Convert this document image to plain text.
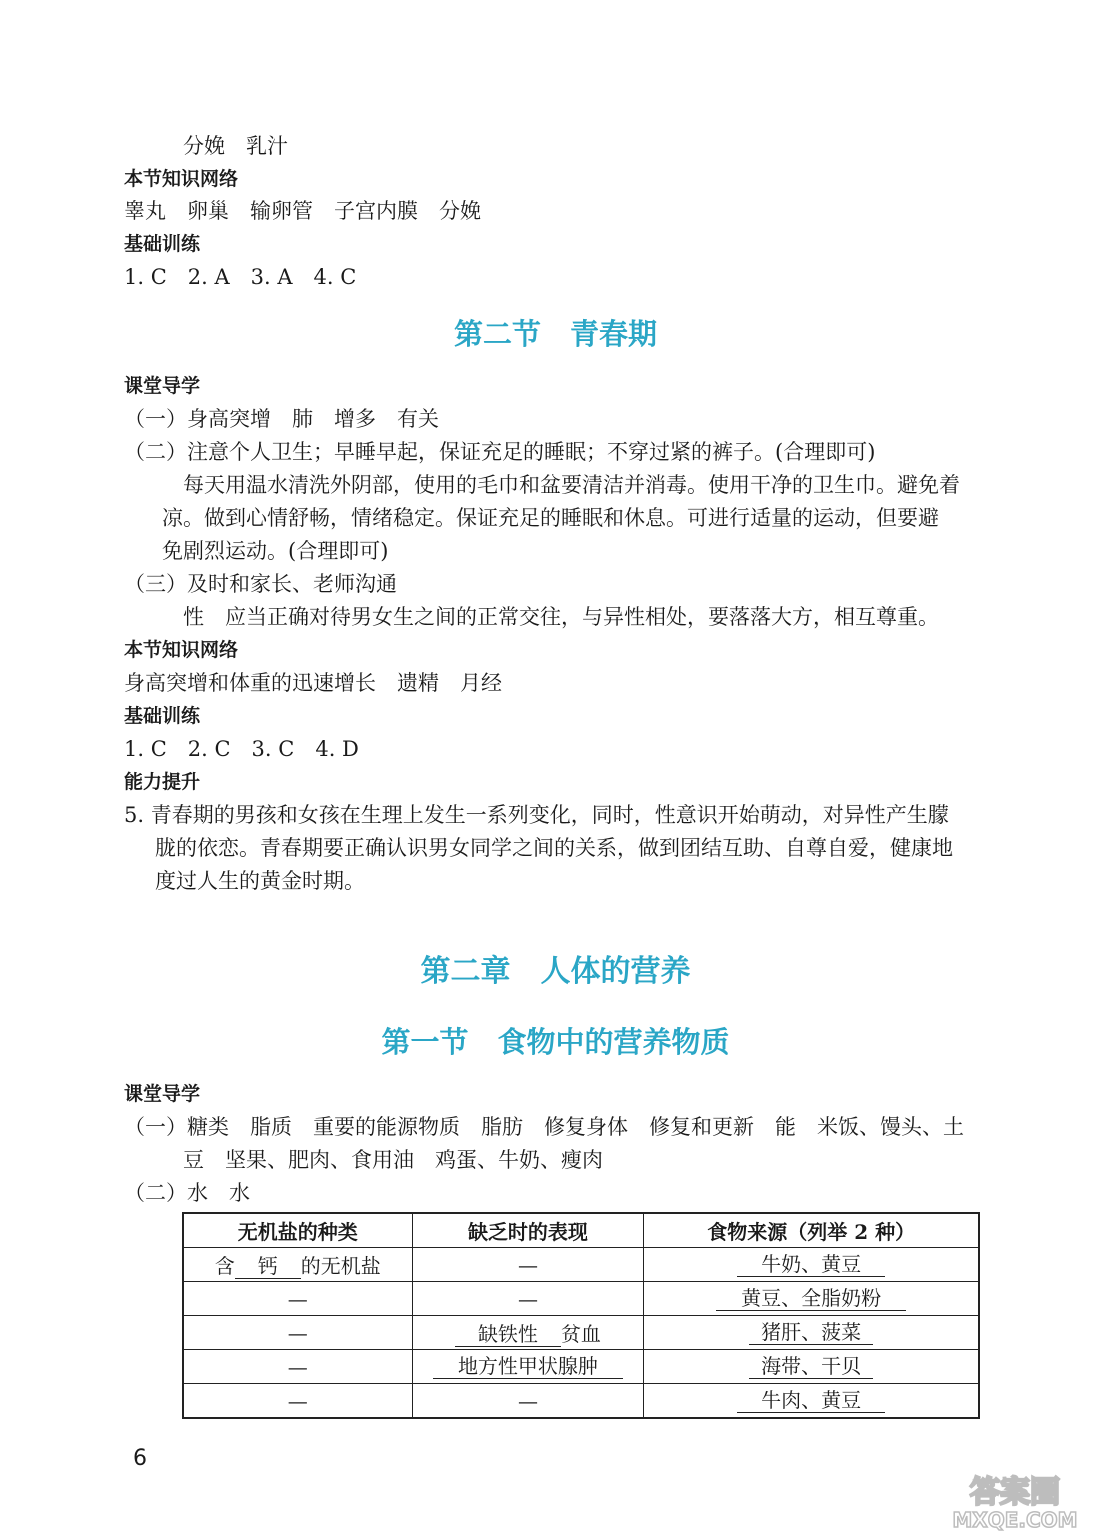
分娩　乳汁
本节知识网络
睾丸　卵巢　输卵管　子宫内膜　分娩
基础训练
1. C　2. A　3. A　4. C
第二节　青春期
课堂导学
（一）身高突增　肺　增多　有关
（二）注意个人卫生；早睡早起，保证充足的睡眠；不穿过紧的裤子。(合理即可)
每天用温水清洗外阴部，使用的毛巾和盆要清洁并消毒。使用干净的卫生巾。避免着
凉。做到心情舒畅，情绪稳定。保证充足的睡眠和休息。可进行适量的运动，但要避
免剧烈运动。(合理即可)
（三）及时和家长、老师沟通
性　应当正确对待男女生之间的正常交往，与异性相处，要落落大方，相互尊重。
本节知识网络
身高突增和体重的迅速增长　遗精　月经
基础训练
1. C　2. C　3. C　4. D
能力提升
5. 青春期的男孩和女孩在生理上发生一系列变化，同时，性意识开始萌动，对异性产生朦
胧的依恋。青春期要正确认识男女同学之间的关系，做到团结互助、自尊自爱，健康地
度过人生的黄金时期。
第二章　人体的营养
第一节　食物中的营养物质
课堂导学
（一）糖类　脂质　重要的能源物质　脂肪　修复身体　修复和更新　能　米饭、馒头、土
豆　坚果、肥肉、食用油　鸡蛋、牛奶、瘦肉
（二）水　水
无机盐的种类	缺乏时的表现	食物来源（列举 2 种）
含 钙 的无机盐	—	牛奶、黄豆
—	—	黄豆、全脂奶粉
—	缺铁性 贫血	猪肝、菠菜
—	地方性甲状腺肿	海带、干贝
—	—	牛肉、黄豆
6
答案圈
MXQE.COM
